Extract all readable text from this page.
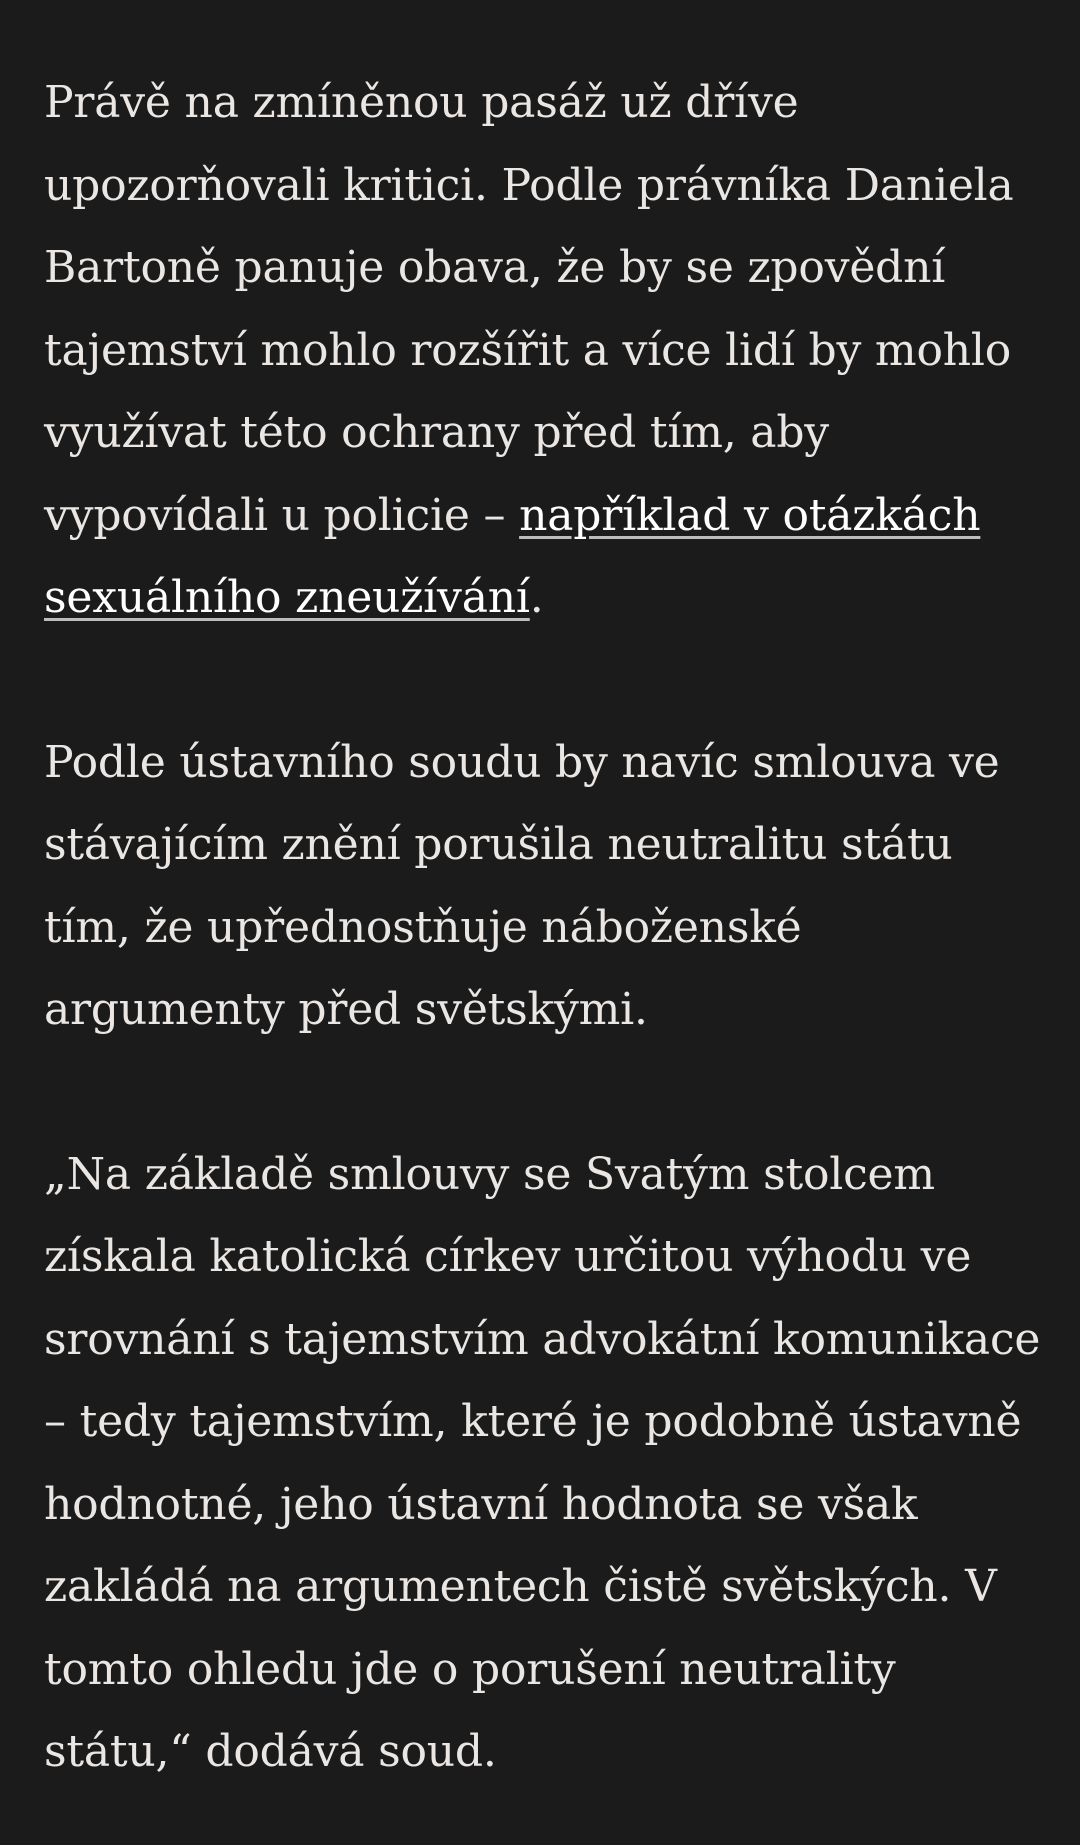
Právě na zmíněnou pasáž už dříve upozorňovali kritici. Podle právníka Daniela Bartoně panuje obava, že by se zpovědní tajemství mohlo rozšířit a více lidí by mohlo využívat této ochrany před tím, aby vypovídali u policie – například v otázkách sexuálního zneužívání.

Podle ústavního soudu by navíc smlouva ve stávajícím znění porušila neutralitu státu tím, že upřednostňuje náboženské argumenty před světskými.

„Na základě smlouvy se Svatým stolcem získala katolická církev určitou výhodu ve srovnání s tajemstvím advokátní komunikace – tedy tajemstvím, které je podobně ústavně hodnotné, jeho ústavní hodnota se však zakládá na argumentech čistě světských. V tomto ohledu jde o porušení neutrality státu,“ dodává soud.
